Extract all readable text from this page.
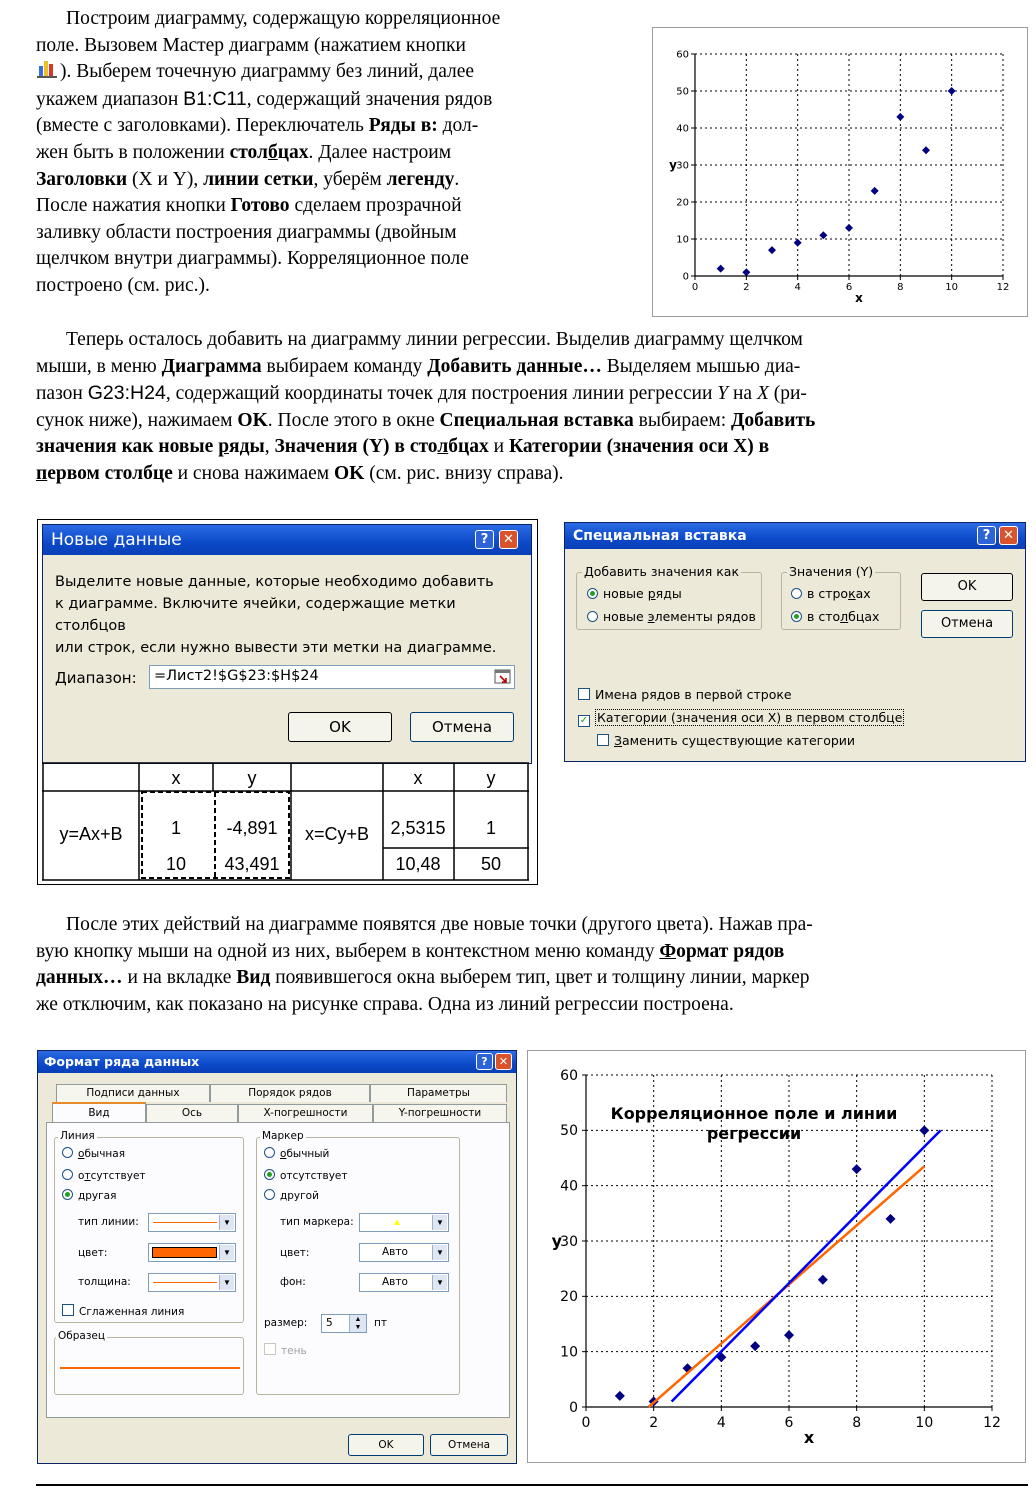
Построим диаграмму, содержащую корреляционное
поле. Вызовем Мастер диаграмм (нажатием кнопки
). Выберем точечную диаграмму без линий, далее
укажем диапазон B1:C11, содержащий значения рядов
(вместе с заголовками). Переключатель Ряды в: дол-
жен быть в положении столбцах. Далее настроим
Заголовки (X и Y), линии сетки, уберём легенду.
После нажатия кнопки Готово сделаем прозрачной
заливку области построения диаграммы (двойным
щелчком внутри диаграммы). Корреляционное поле
построено (см. рис.).	0	2	4	6	8	10	12
0
10
20
30
40
50
60
x
y
Теперь осталось добавить на диаграмму линии регрессии. Выделив диаграмму щелчком
мыши, в меню Диаграмма выбираем команду Добавить данные… Выделяем мышью диа-
пазон G23:H24, содержащий координаты точек для построения линии регрессии Y на X (ри-
сунок ниже), нажимаем OK. После этого в окне Специальная вставка выбираем: Добавить
значения как новые ряды, Значения (Y) в столбцах и Категории (значения оси X) в
первом столбце и снова нажимаем OK (см. рис. внизу справа).
Новые данные	?	✕
Выделите новые данные, которые необходимо добавить
к диаграмме. Включите ячейки, содержащие метки столбцов
или строк, если нужно вывести эти метки на диаграмме.
Диапазон: =Лист2!$G$23:$H$24
OK	Отмена
x	y	x	y
y=Ax+B	x=Cy+B
1	-4,891	2,5315 1
10 43,491	10,48 50
Специальная вставка	? ✕
Добавить значения как
новые ряды
новые элементы рядов
Значения (Y)
в строках
в столбцах
OK
Отмена
Имена рядов в первой строке
✓ Категории (значения оси X) в первом столбце
Заменить существующие категории
После этих действий на диаграмме появятся две новые точки (другого цвета). Нажав пра-
вую кнопку мыши на одной из них, выберем в контекстном меню команду Формат рядов
данных… и на вкладке Вид появившегося окна выберем тип, цвет и толщину линии, маркер
же отключим, как показано на рисунке справа. Одна из линий регрессии построена.
Формат ряда данных	?	✕
Подписи данных	Порядок рядов	Параметры
Вид	Ось	X-погрешности	Y-погрешности
Линия
обычная
отсутствует
другая
тип линии:	▼
цвет:	▼
толщина:	▼
Сглаженная линия
Образец
Маркер
обычный
отсутствует
другой
тип маркера:	▲	▼
цвет:	Авто	▼
фон:	Авто	▼
размер: 5	▲
▼	пт
тень
OK	Отмена
0	2	4	6	8	10	12
0
10
20
30
40
50
60
x
y
Корреляционное поле и линии
регрессии
